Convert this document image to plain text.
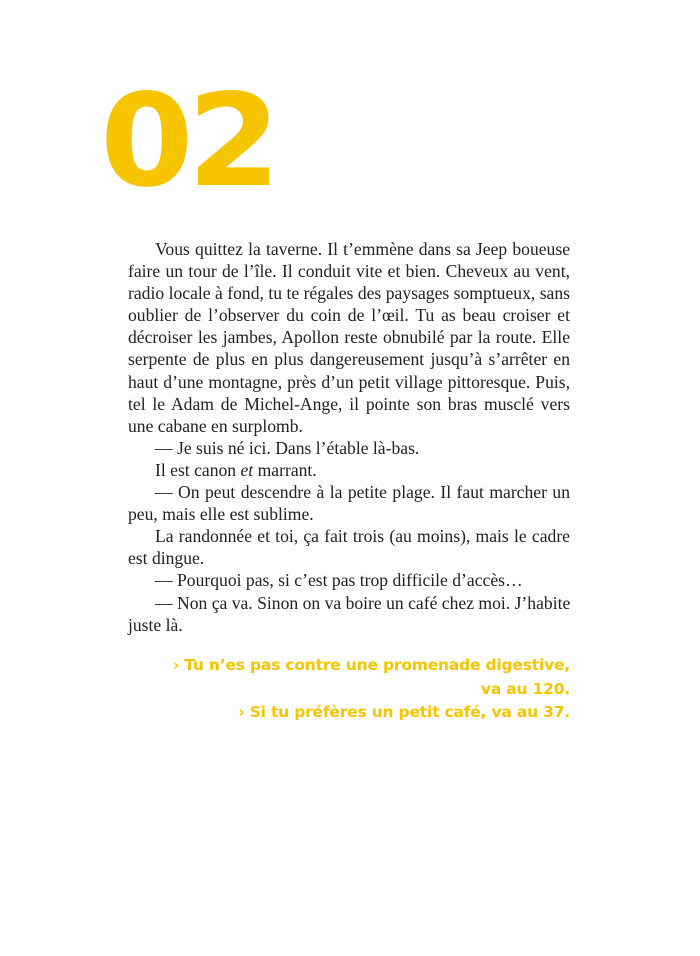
02
Vous quittez la taverne. Il t’emmène dans sa Jeep boueuse
faire un tour de l’île. Il conduit vite et bien. Cheveux au vent,
radio locale à fond, tu te régales des paysages somptueux, sans
oublier de l’observer du coin de l’œil. Tu as beau croiser et
décroiser les jambes, Apollon reste obnubilé par la route. Elle
serpente de plus en plus dangereusement jusqu’à s’arrêter en
haut d’une montagne, près d’un petit village pittoresque. Puis,
tel le Adam de Michel-Ange, il pointe son bras musclé vers
une cabane en surplomb.
— Je suis né ici. Dans l’étable là-bas.
Il est canon et marrant.
— On peut descendre à la petite plage. Il faut marcher un
peu, mais elle est sublime.
La randonnée et toi, ça fait trois (au moins), mais le cadre
est dingue.
— Pourquoi pas, si c’est pas trop difficile d’accès…
— Non ça va. Sinon on va boire un café chez moi. J’habite
juste là.
› Tu n’es pas contre une promenade digestive,
va au 120.
› Si tu préfères un petit café, va au 37.
